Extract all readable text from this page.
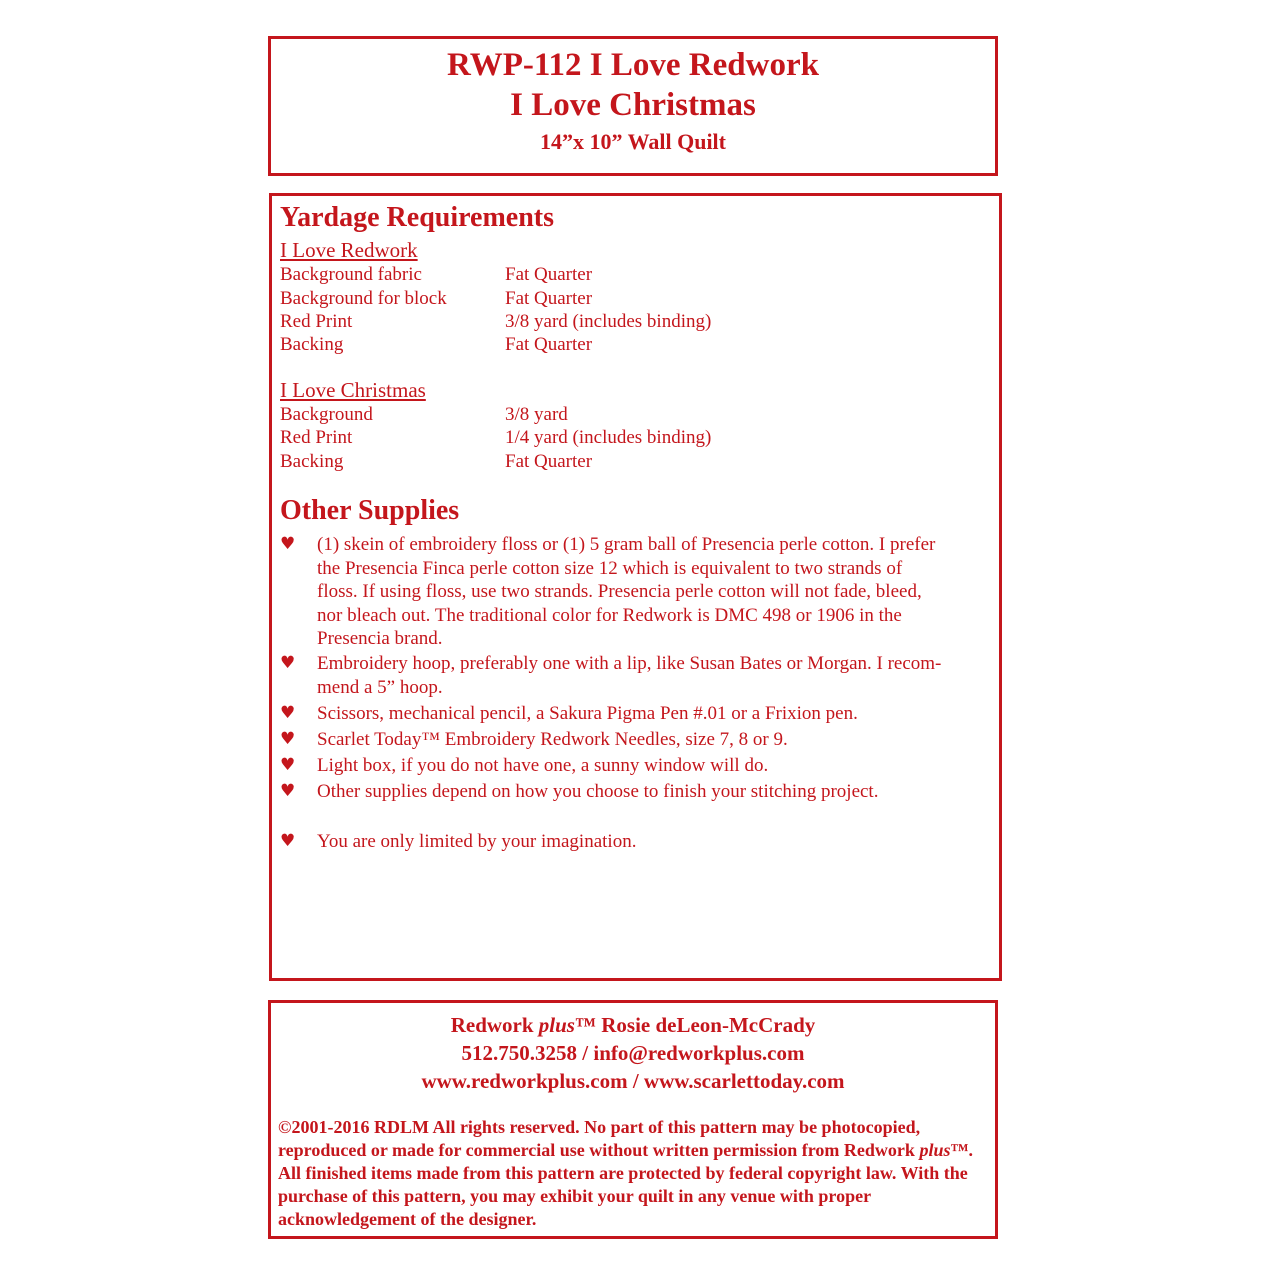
RWP-112 I Love Redwork
I Love Christmas
14”x 10” Wall Quilt
Yardage Requirements
I Love Redwork
Background fabric	Fat Quarter
Background for block	Fat Quarter
Red Print	3/8 yard (includes binding)
Backing	Fat Quarter
I Love Christmas
Background	3/8 yard
Red Print	1/4 yard (includes binding)
Backing	Fat Quarter
Other Supplies
♥ (1) skein of embroidery floss or (1) 5 gram ball of Presencia perle cotton. I prefer
the Presencia Finca perle cotton size 12 which is equivalent to two strands of
floss. If using floss, use two strands. Presencia perle cotton will not fade, bleed,
nor bleach out. The traditional color for Redwork is DMC 498 or 1906 in the
Presencia brand.
♥ Embroidery hoop, preferably one with a lip, like Susan Bates or Morgan. I recom-
mend a 5” hoop.
♥ Scissors, mechanical pencil, a Sakura Pigma Pen #.01 or a Frixion pen.
♥ Scarlet Today™ Embroidery Redwork Needles, size 7, 8 or 9.
♥ Light box, if you do not have one, a sunny window will do.
♥ Other supplies depend on how you choose to finish your stitching project.
♥ You are only limited by your imagination.
Redwork plus™ Rosie deLeon-McCrady
512.750.3258 / info@redworkplus.com
www.redworkplus.com / www.scarlettoday.com
©2001-2016 RDLM All rights reserved. No part of this pattern may be photocopied, reproduced or made for commercial use without written permission from Redwork plus™. All finished items made from this pattern are protected by federal copyright law. With the purchase of this pattern, you may exhibit your quilt in any venue with proper acknowledgement of the designer.
